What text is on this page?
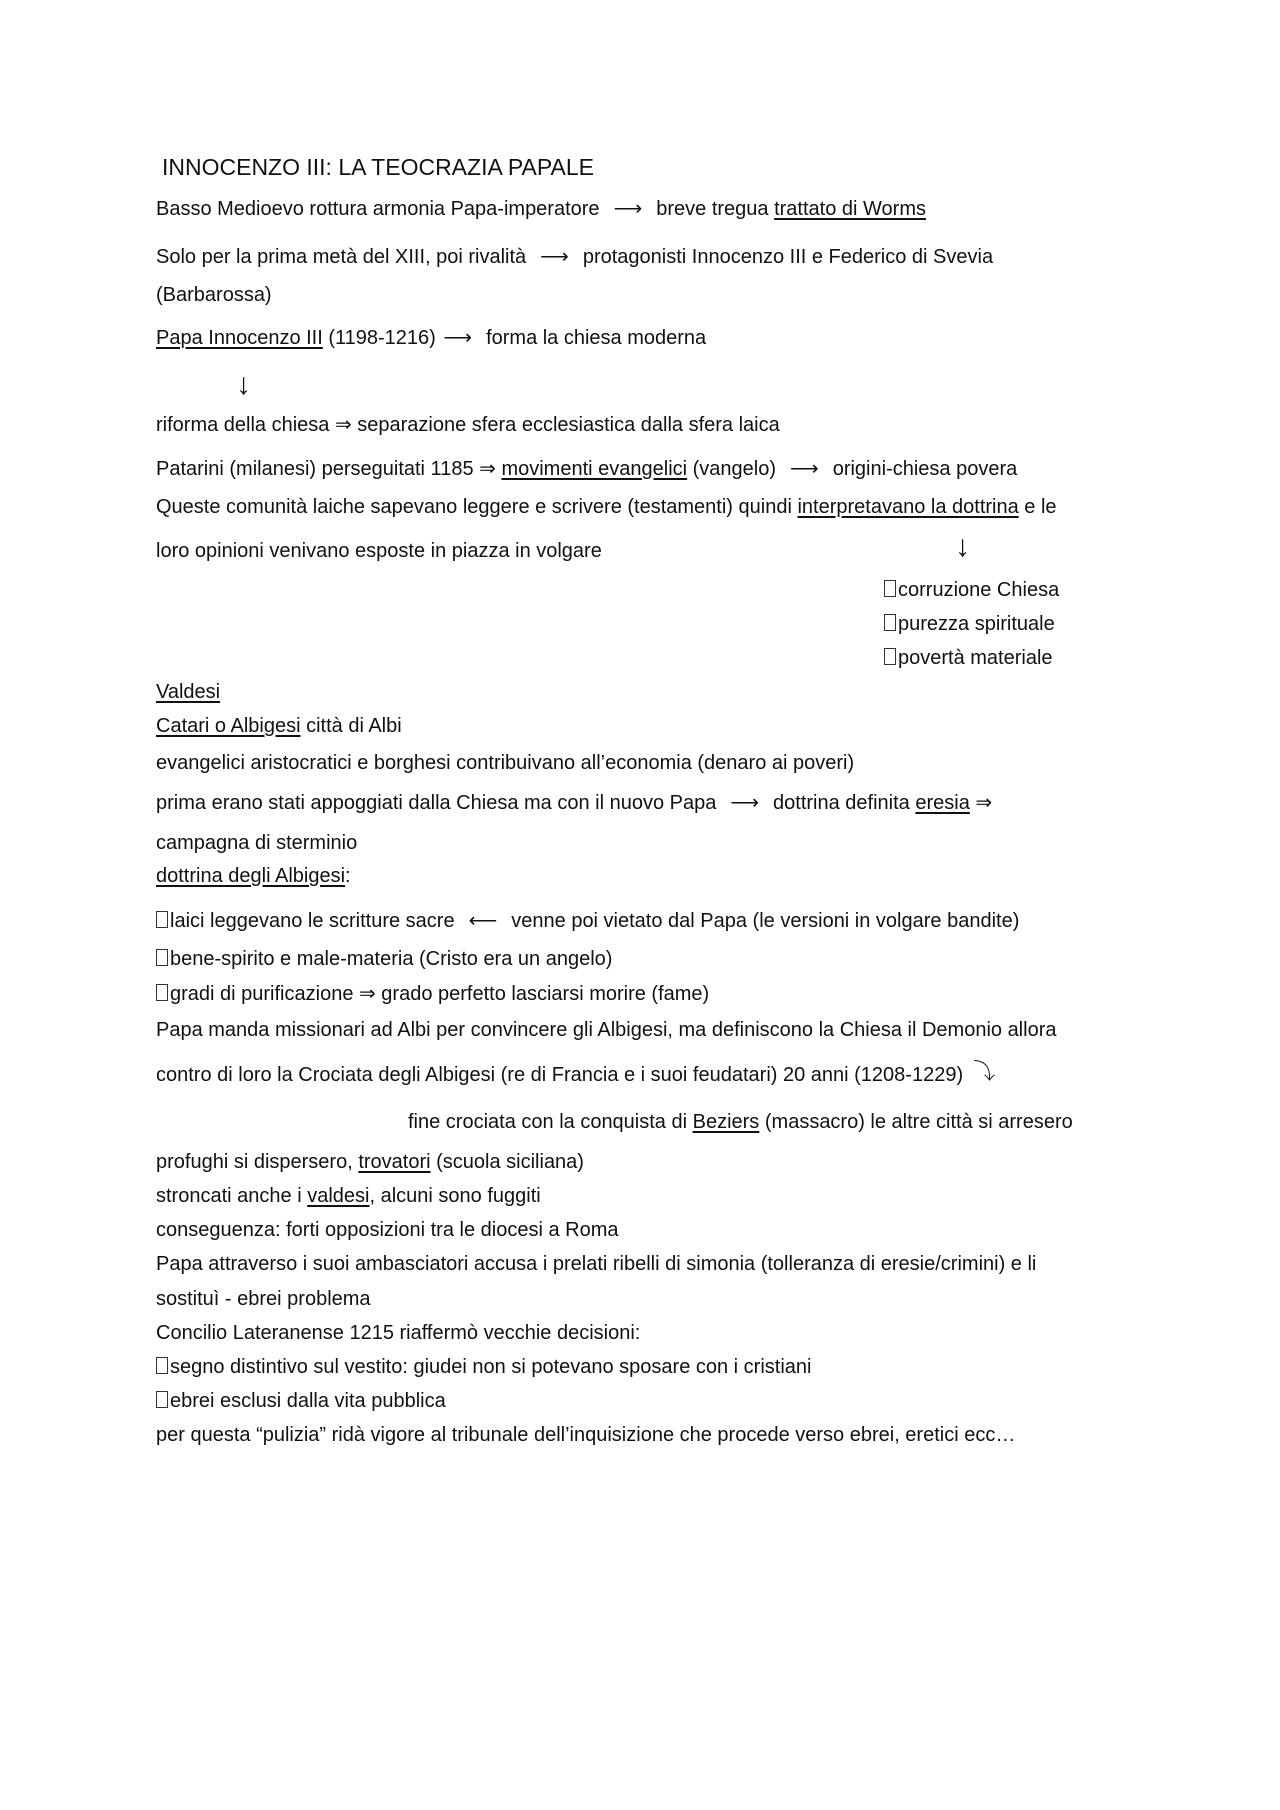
INNOCENZO III: LA TEOCRAZIA PAPALE
Basso Medioevo rottura armonia Papa-imperatore ⟶ breve tregua trattato di Worms
Solo per la prima metà del XIII, poi rivalità ⟶ protagonisti Innocenzo III e Federico di Svevia
(Barbarossa)
Papa Innocenzo III (1198-1216) ⟶ forma la chiesa moderna
↓
riforma della chiesa ⇒ separazione sfera ecclesiastica dalla sfera laica
Patarini (milanesi) perseguitati 1185 ⇒ movimenti evangelici (vangelo) ⟶ origini-chiesa povera
Queste comunità laiche sapevano leggere e scrivere (testamenti) quindi interpretavano la dottrina e le
loro opinioni venivano esposte in piazza in volgare	↓
corruzione Chiesa
purezza spirituale
povertà materiale
Valdesi
Catari o Albigesi città di Albi
evangelici aristocratici e borghesi contribuivano all’economia (denaro ai poveri)
prima erano stati appoggiati dalla Chiesa ma con il nuovo Papa ⟶ dottrina definita eresia ⇒
campagna di sterminio
dottrina degli Albigesi:
laici leggevano le scritture sacre ⟵ venne poi vietato dal Papa (le versioni in volgare bandite)
bene-spirito e male-materia (Cristo era un angelo)
gradi di purificazione ⇒ grado perfetto lasciarsi morire (fame)
Papa manda missionari ad Albi per convincere gli Albigesi, ma definiscono la Chiesa il Demonio allora
contro di loro la Crociata degli Albigesi (re di Francia e i suoi feudatari) 20 anni (1208-1229) ⤵
fine crociata con la conquista di Beziers (massacro) le altre città si arresero
profughi si dispersero, trovatori (scuola siciliana)
stroncati anche i valdesi, alcuni sono fuggiti
conseguenza: forti opposizioni tra le diocesi a Roma
Papa attraverso i suoi ambasciatori accusa i prelati ribelli di simonia (tolleranza di eresie/crimini) e li
sostituì - ebrei problema
Concilio Lateranense 1215 riaffermò vecchie decisioni:
segno distintivo sul vestito: giudei non si potevano sposare con i cristiani
ebrei esclusi dalla vita pubblica
per questa “pulizia” ridà vigore al tribunale dell’inquisizione che procede verso ebrei, eretici ecc…
